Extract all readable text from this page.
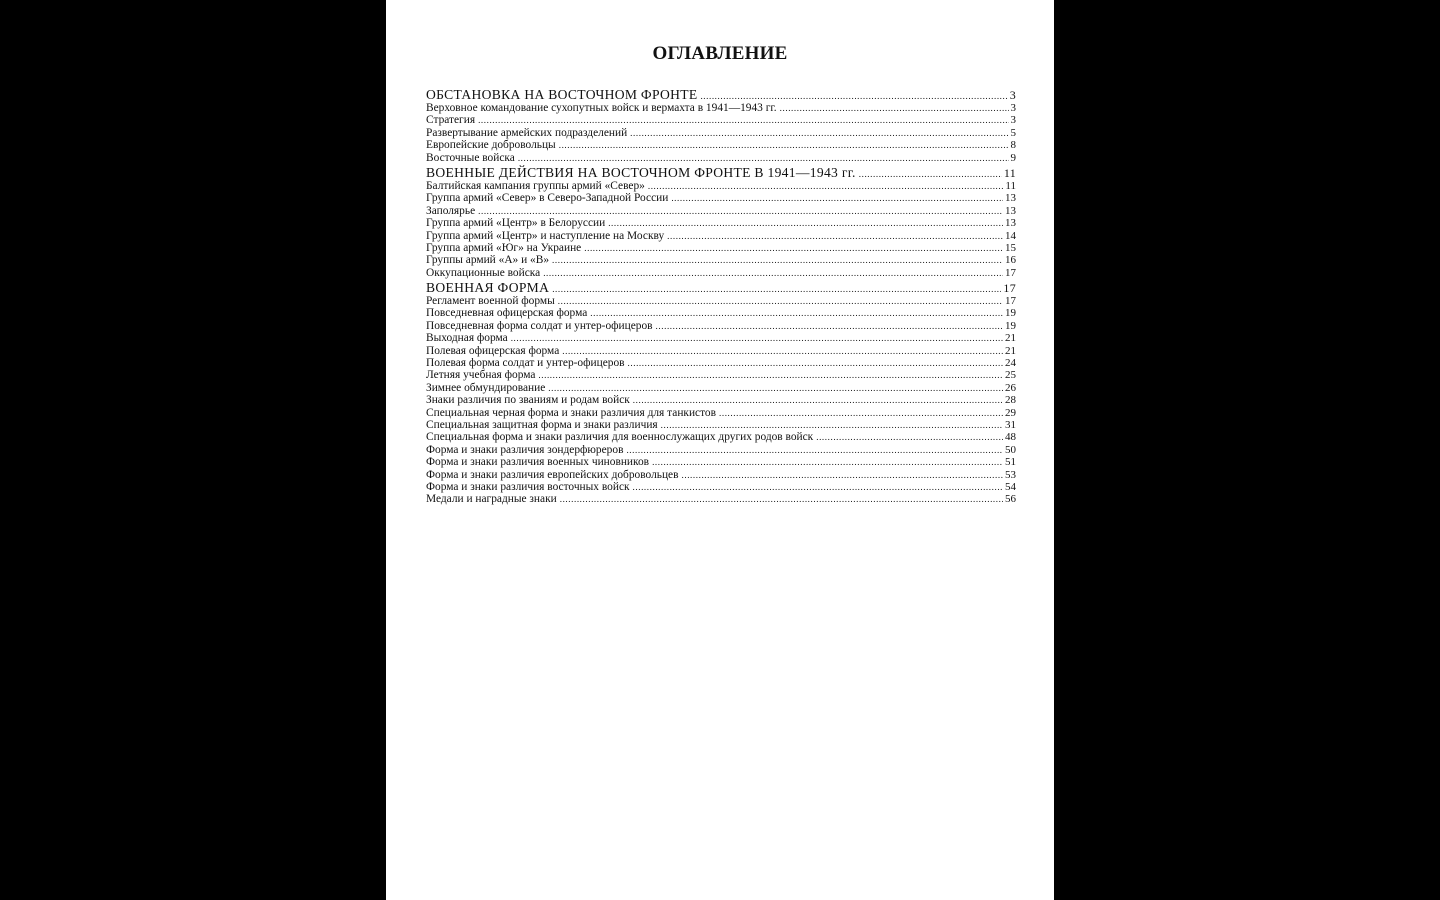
ОГЛАВЛЕНИЕ
ОБСТАНОВКА НА ВОСТОЧНОМ ФРОНТЕ .....	3
Верховное командование сухопутных войск и вермахта в 1941—1943 гг. .....	3
Стратегия .....	3
Развертывание армейских подразделений .....	5
Европейские добровольцы .....	8
Восточные войска .....	9
ВОЕННЫЕ ДЕЙСТВИЯ НА ВОСТОЧНОМ ФРОНТЕ В 1941—1943 гг. .....	11
Балтийская кампания группы армий «Север» .....	11
Группа армий «Север» в Северо-Западной России .....	13
Заполярье .....	13
Группа армий «Центр» в Белоруссии .....	13
Группа армий «Центр» и наступление на Москву .....	14
Группа армий «Юг» на Украине .....	15
Группы армий «А» и «В» .....	16
Оккупационные войска .....	17
ВОЕННАЯ ФОРМА .....	17
Регламент военной формы .....	17
Повседневная офицерская форма .....	19
Повседневная форма солдат и унтер-офицеров .....	19
Выходная форма .....	21
Полевая офицерская форма .....	21
Полевая форма солдат и унтер-офицеров .....	24
Летняя учебная форма .....	25
Зимнее обмундирование .....	26
Знаки различия по званиям и родам войск .....	28
Специальная черная форма и знаки различия для танкистов .....	29
Специальная защитная форма и знаки различия .....	31
Специальная форма и знаки различия для военнослужащих других родов войск .....	48
Форма и знаки различия зондерфюреров .....	50
Форма и знаки различия военных чиновников .....	51
Форма и знаки различия европейских добровольцев .....	53
Форма и знаки различия восточных войск .....	54
Медали и наградные знаки .....	56
